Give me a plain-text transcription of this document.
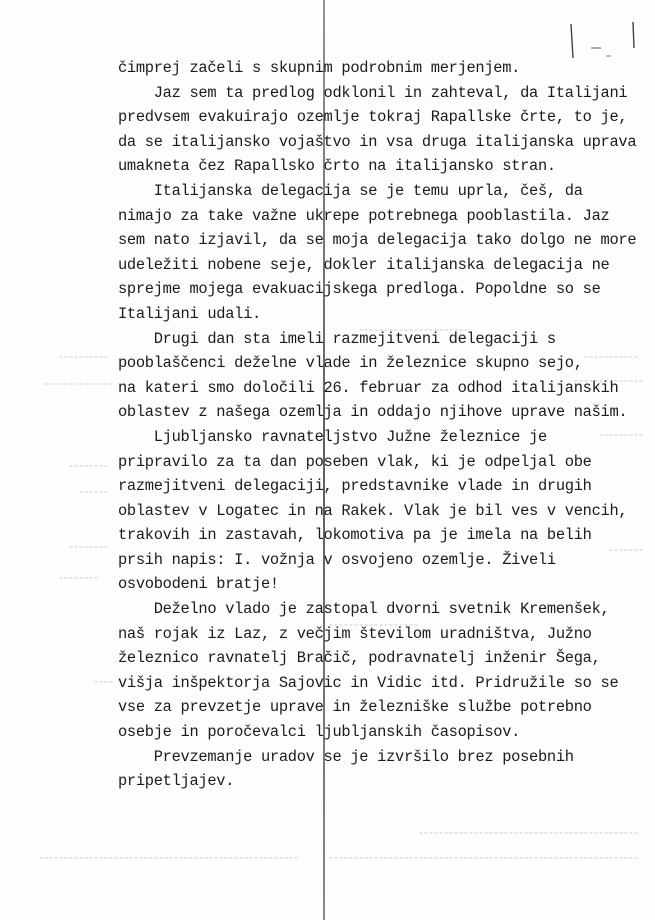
čimprej začeli s skupnim podrobnim merjenjem.
Jaz sem ta predlog odklonil in zahteval, da Italijani
predvsem evakuirajo ozemlje tokraj Rapallske črte, to je,
da se italijansko vojaštvo in vsa druga italijanska uprava
umakneta čez Rapallsko črto na italijansko stran.
Italijanska delegacija se je temu uprla, češ, da
nimajo za take važne ukrepe potrebnega pooblastila. Jaz
sem nato izjavil, da se moja delegacija tako dolgo ne more
udeležiti nobene seje, dokler italijanska delegacija ne
sprejme mojega evakuacijskega predloga. Popoldne so se
Italijani udali.
Drugi dan sta imeli razmejitveni delegaciji s
pooblaščenci deželne vlade in železnice skupno sejo,
na kateri smo določili 26. februar za odhod italijanskih
oblastev z našega ozemlja in oddajo njihove uprave našim.
Ljubljansko ravnateljstvo Južne železnice je
pripravilo za ta dan poseben vlak, ki je odpeljal obe
razmejitveni delegaciji, predstavnike vlade in drugih
oblastev v Logatec in na Rakek. Vlak je bil ves v vencih,
trakovih in zastavah, lokomotiva pa je imela na belih
prsih napis: I. vožnja v osvojeno ozemlje. Živeli
osvobodeni bratje!
Deželno vlado je zastopal dvorni svetnik Kremenšek,
naš rojak iz Laz, z večjim številom uradništva, Južno
železnico ravnatelj Bračič, podravnatelj inženir Šega,
višja inšpektorja Sajovic in Vidic itd. Pridružile so se
vse za prevzetje uprave in železniške službe potrebno
osebje in poročevalci ljubljanskih časopisov.
Prevzemanje uradov se je izvršilo brez posebnih
pripetljajev.
